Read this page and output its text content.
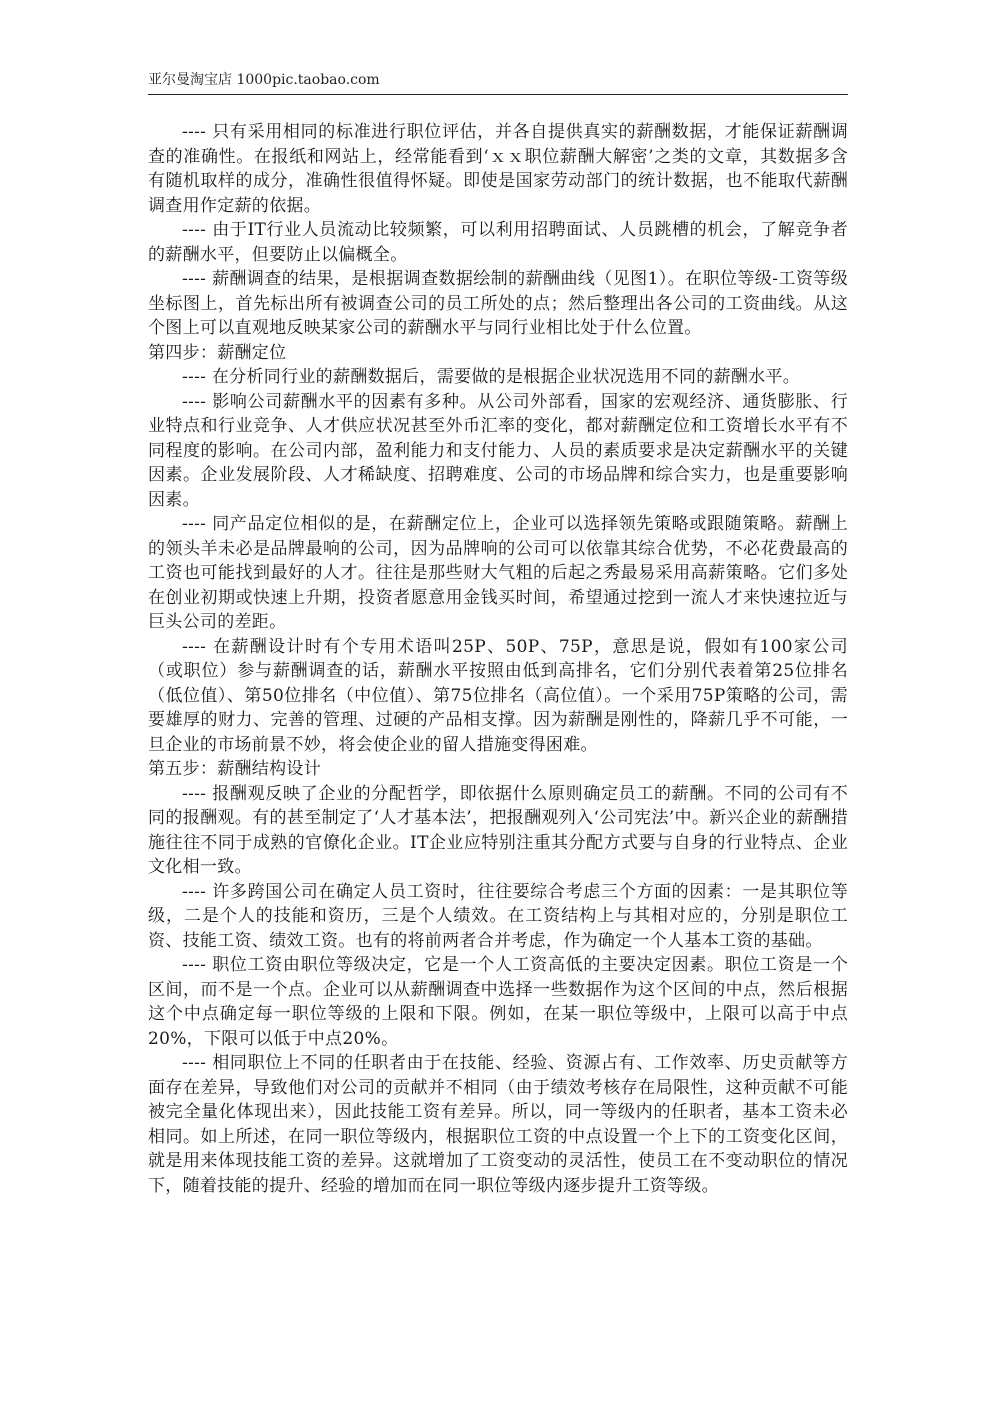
亚尔曼淘宝店 1000pic.taobao.com

---- 只有采用相同的标准进行职位评估，并各自提供真实的薪酬数据，才能保证薪酬调查的准确性。在报纸和网站上，经常能看到‘ｘｘ职位薪酬大解密’之类的文章，其数据多含有随机取样的成分，准确性很值得怀疑。即使是国家劳动部门的统计数据，也不能取代薪酬调查用作定薪的依据。

---- 由于IT行业人员流动比较频繁，可以利用招聘面试、人员跳槽的机会，了解竞争者的薪酬水平，但要防止以偏概全。

---- 薪酬调查的结果，是根据调查数据绘制的薪酬曲线（见图1）。在职位等级-工资等级坐标图上，首先标出所有被调查公司的员工所处的点；然后整理出各公司的工资曲线。从这个图上可以直观地反映某家公司的薪酬水平与同行业相比处于什么位置。

第四步：薪酬定位

---- 在分析同行业的薪酬数据后，需要做的是根据企业状况选用不同的薪酬水平。

---- 影响公司薪酬水平的因素有多种。从公司外部看，国家的宏观经济、通货膨胀、行业特点和行业竞争、人才供应状况甚至外币汇率的变化，都对薪酬定位和工资增长水平有不同程度的影响。在公司内部，盈利能力和支付能力、人员的素质要求是决定薪酬水平的关键因素。企业发展阶段、人才稀缺度、招聘难度、公司的市场品牌和综合实力，也是重要影响因素。

---- 同产品定位相似的是，在薪酬定位上，企业可以选择领先策略或跟随策略。薪酬上的领头羊未必是品牌最响的公司，因为品牌响的公司可以依靠其综合优势，不必花费最高的工资也可能找到最好的人才。往往是那些财大气粗的后起之秀最易采用高薪策略。它们多处在创业初期或快速上升期，投资者愿意用金钱买时间，希望通过挖到一流人才来快速拉近与巨头公司的差距。

---- 在薪酬设计时有个专用术语叫25P、50P、75P，意思是说，假如有100家公司（或职位）参与薪酬调查的话，薪酬水平按照由低到高排名，它们分别代表着第25位排名（低位值）、第50位排名（中位值）、第75位排名（高位值）。一个采用75P策略的公司，需要雄厚的财力、完善的管理、过硬的产品相支撑。因为薪酬是刚性的，降薪几乎不可能，一旦企业的市场前景不妙，将会使企业的留人措施变得困难。

第五步：薪酬结构设计

---- 报酬观反映了企业的分配哲学，即依据什么原则确定员工的薪酬。不同的公司有不同的报酬观。有的甚至制定了‘人才基本法’，把报酬观列入‘公司宪法’中。新兴企业的薪酬措施往往不同于成熟的官僚化企业。IT企业应特别注重其分配方式要与自身的行业特点、企业文化相一致。

---- 许多跨国公司在确定人员工资时，往往要综合考虑三个方面的因素：一是其职位等级，二是个人的技能和资历，三是个人绩效。在工资结构上与其相对应的，分别是职位工资、技能工资、绩效工资。也有的将前两者合并考虑，作为确定一个人基本工资的基础。

---- 职位工资由职位等级决定，它是一个人工资高低的主要决定因素。职位工资是一个区间，而不是一个点。企业可以从薪酬调查中选择一些数据作为这个区间的中点，然后根据这个中点确定每一职位等级的上限和下限。例如，在某一职位等级中，上限可以高于中点20%，下限可以低于中点20%。

---- 相同职位上不同的任职者由于在技能、经验、资源占有、工作效率、历史贡献等方面存在差异，导致他们对公司的贡献并不相同（由于绩效考核存在局限性，这种贡献不可能被完全量化体现出来），因此技能工资有差异。所以，同一等级内的任职者，基本工资未必相同。如上所述，在同一职位等级内，根据职位工资的中点设置一个上下的工资变化区间，就是用来体现技能工资的差异。这就增加了工资变动的灵活性，使员工在不变动职位的情况下，随着技能的提升、经验的增加而在同一职位等级内逐步提升工资等级。
